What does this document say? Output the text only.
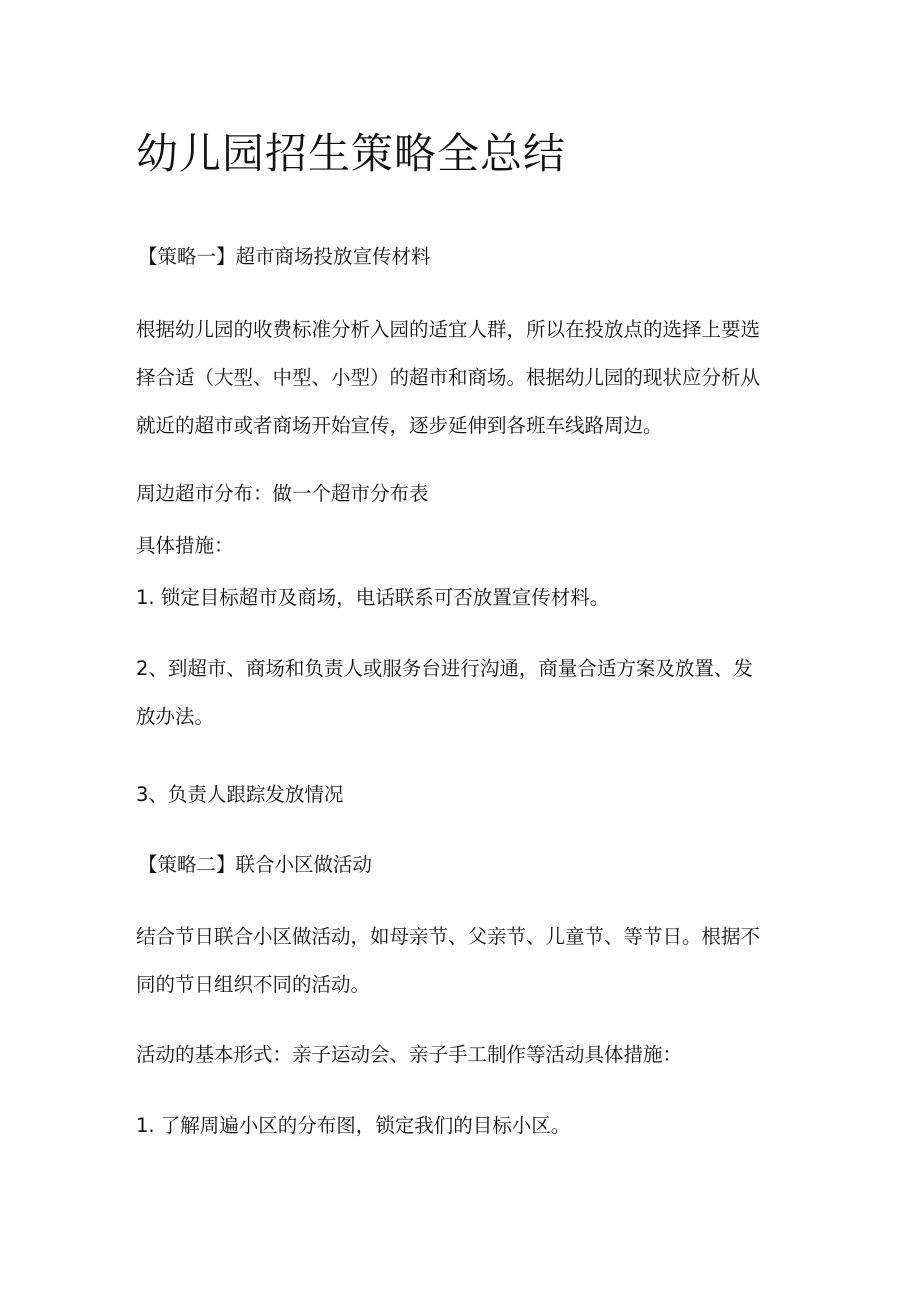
幼儿园招生策略全总结

【策略一】超市商场投放宣传材料

根据幼儿园的收费标准分析入园的适宜人群，所以在投放点的选择上要选

择合适（大型、中型、小型）的超市和商场。根据幼儿园的现状应分析从

就近的超市或者商场开始宣传，逐步延伸到各班车线路周边。

周边超市分布：做一个超市分布表

具体措施：

1. 锁定目标超市及商场，电话联系可否放置宣传材料。

2、到超市、商场和负责人或服务台进行沟通，商量合适方案及放置、发

放办法。

3、负责人跟踪发放情况

【策略二】联合小区做活动

结合节日联合小区做活动，如母亲节、父亲节、儿童节、等节日。根据不

同的节日组织不同的活动。

活动的基本形式：亲子运动会、亲子手工制作等活动具体措施：

1. 了解周遍小区的分布图，锁定我们的目标小区。
